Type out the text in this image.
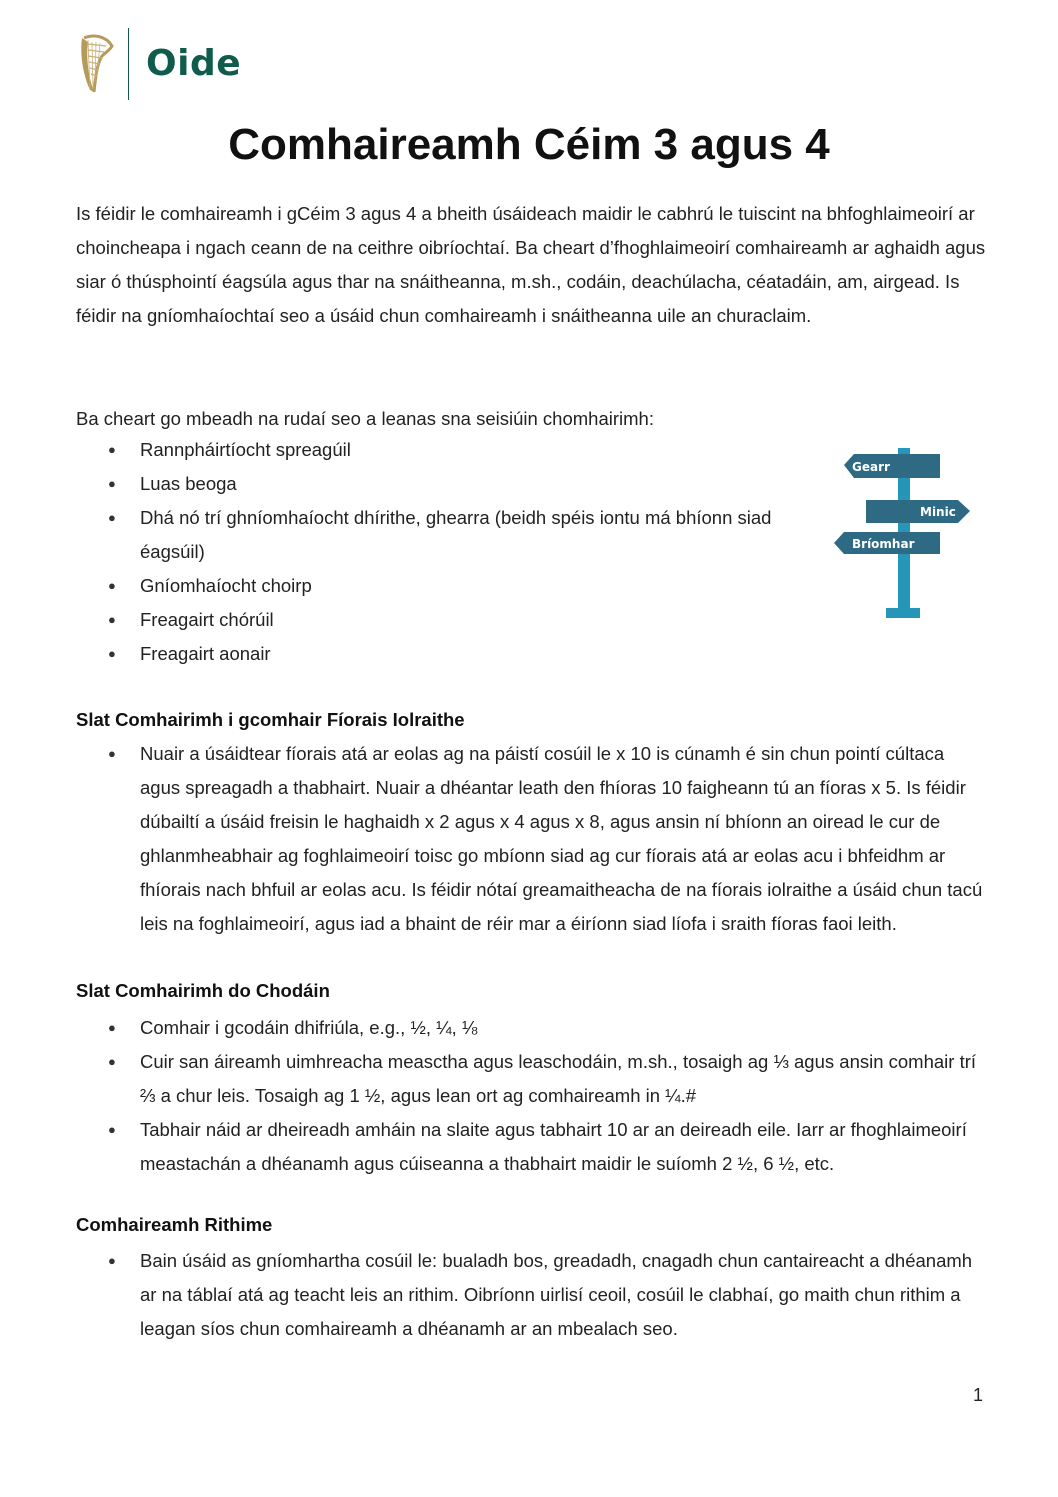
Oide
Comhaireamh Céim 3 agus 4

Is féidir le comhaireamh i gCéim 3 agus 4 a bheith úsáideach maidir le cabhrú le tuiscint na bhfoghlaimeoirí ar choincheapa i ngach ceann de na ceithre oibríochtaí. Ba cheart d’fhoghlaimeoirí comhaireamh ar aghaidh agus siar ó thúsphointí éagsúla agus thar na snáitheanna, m.sh., codáin, deachúlacha, céatadáin, am, airgead. Is féidir na gníomhaíochtaí seo a úsáid chun comhaireamh i snáitheanna uile an churaclaim.

Ba cheart go mbeadh na rudaí seo a leanas sna seisiúin chomhairimh:

● Rannpháirtíocht spreagúil
● Luas beoga
● Dhá nó trí ghníomhaíocht dhírithe, ghearra (beidh spéis iontu má bhíonn siad éagsúil)
● Gníomhaíocht choirp
● Freagairt chórúil
● Freagairt aonair
Gearr
Minic
Bríomhar
Slat Comhairimh i gcomhair Fíorais Iolraithe
● Nuair a úsáidtear fíorais atá ar eolas ag na páistí cosúil le x 10 is cúnamh é sin chun pointí cúltaca agus spreagadh a thabhairt. Nuair a dhéantar leath den fhíoras 10 faigheann tú an fíoras x 5. Is féidir dúbailtí a úsáid freisin le haghaidh x 2 agus x 4 agus x 8, agus ansin ní bhíonn an oiread le cur de ghlanmheabhair ag foghlaimeoirí toisc go mbíonn siad ag cur fíorais atá ar eolas acu i bhfeidhm ar fhíorais nach bhfuil ar eolas acu. Is féidir nótaí greamaitheacha de na fíorais iolraithe a úsáid chun tacú leis na foghlaimeoirí, agus iad a bhaint de réir mar a éiríonn siad líofa i sraith fíoras faoi leith.
Slat Comhairimh do Chodáin
● Comhair i gcodáin dhifriúla, e.g., ½, ¼, ⅛
● Cuir san áireamh uimhreacha measctha agus leaschodáin, m.sh., tosaigh ag ⅓ agus ansin comhair trí ⅔ a chur leis. Tosaigh ag 1 ½, agus lean ort ag comhaireamh in ¼.#
● Tabhair náid ar dheireadh amháin na slaite agus tabhairt 10 ar an deireadh eile. Iarr ar fhoghlaimeoirí meastachán a dhéanamh agus cúiseanna a thabhairt maidir le suíomh 2 ½, 6 ½, etc.
Comhaireamh Rithime
● Bain úsáid as gníomhartha cosúil le: bualadh bos, greadadh, cnagadh chun cantaireacht a dhéanamh ar na táblaí atá ag teacht leis an rithim. Oibríonn uirlisí ceoil, cosúil le clabhaí, go maith chun rithim a leagan síos chun comhaireamh a dhéanamh ar an mbealach seo.
1
